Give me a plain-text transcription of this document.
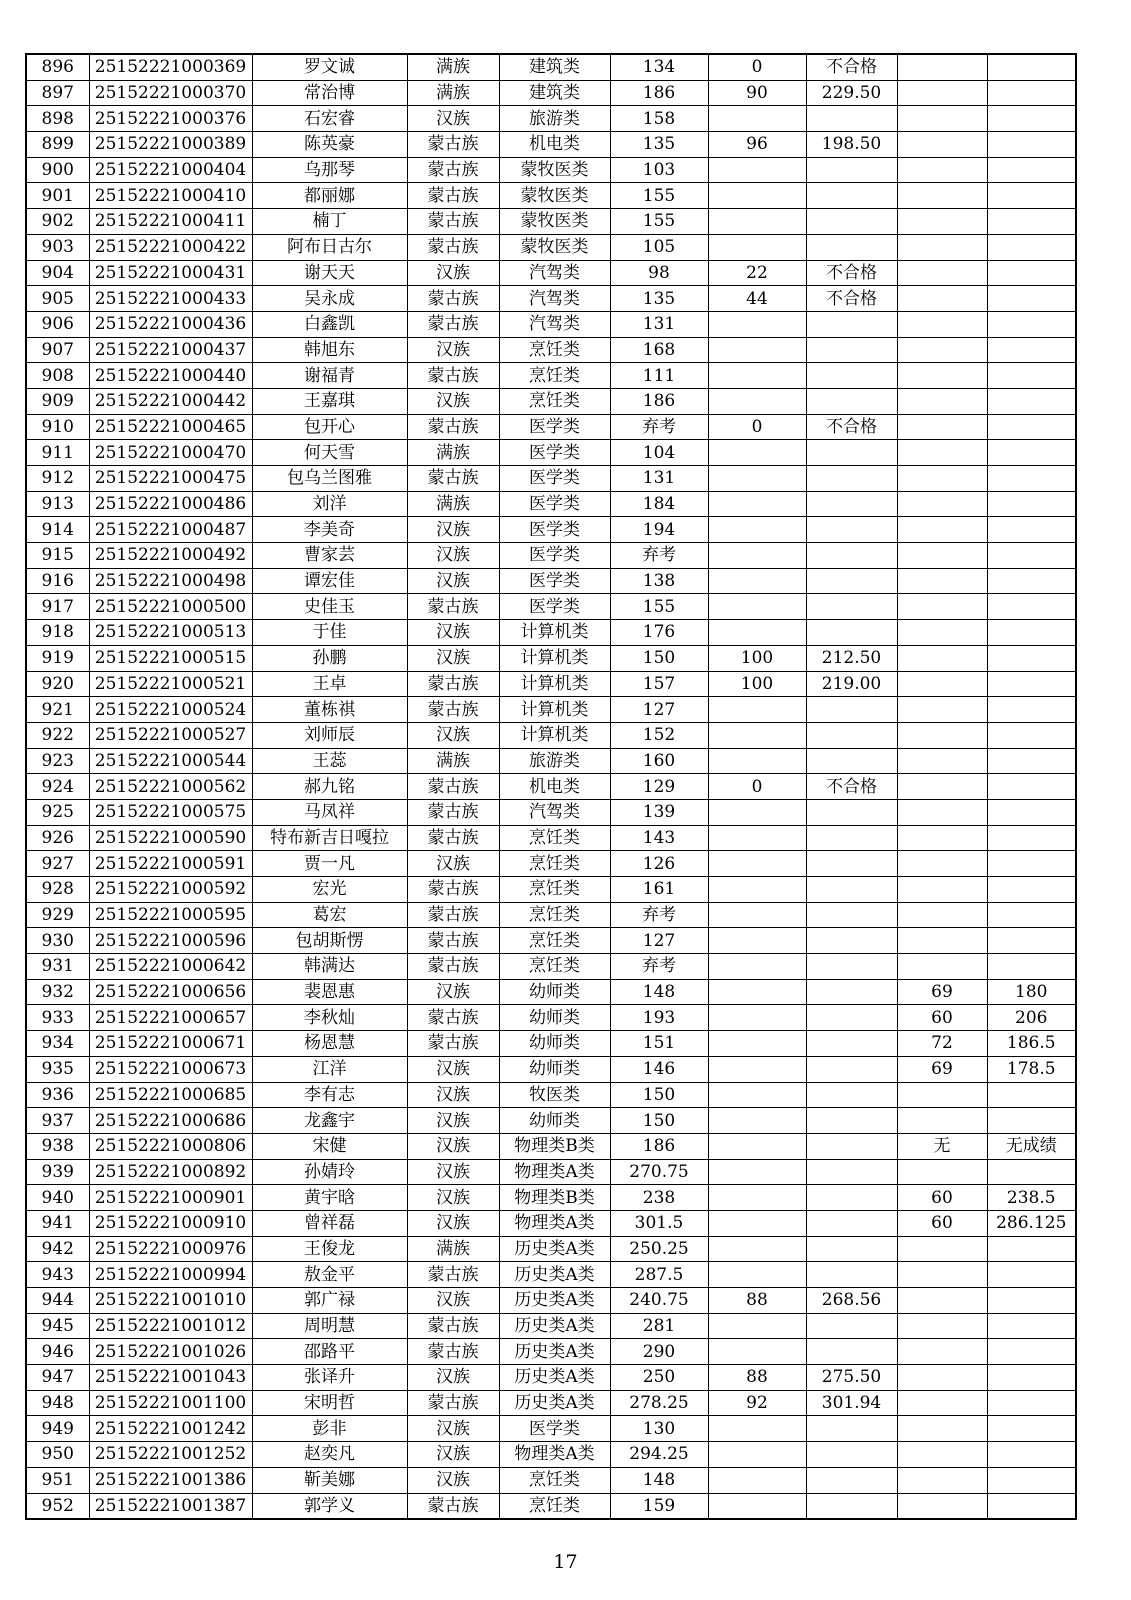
896	25152221000369	罗文诚	满族	建筑类	134	0	不合格		
897	25152221000370	常治博	满族	建筑类	186	90	229.50		
898	25152221000376	石宏睿	汉族	旅游类	158				
899	25152221000389	陈英豪	蒙古族	机电类	135	96	198.50		
900	25152221000404	乌那琴	蒙古族	蒙牧医类	103				
901	25152221000410	都丽娜	蒙古族	蒙牧医类	155				
902	25152221000411	楠丁	蒙古族	蒙牧医类	155				
903	25152221000422	阿布日古尔	蒙古族	蒙牧医类	105				
904	25152221000431	谢天天	汉族	汽驾类	98	22	不合格		
905	25152221000433	吴永成	蒙古族	汽驾类	135	44	不合格		
906	25152221000436	白鑫凯	蒙古族	汽驾类	131				
907	25152221000437	韩旭东	汉族	烹饪类	168				
908	25152221000440	谢福青	蒙古族	烹饪类	111				
909	25152221000442	王嘉琪	汉族	烹饪类	186				
910	25152221000465	包开心	蒙古族	医学类	弃考	0	不合格		
911	25152221000470	何天雪	满族	医学类	104				
912	25152221000475	包乌兰图雅	蒙古族	医学类	131				
913	25152221000486	刘洋	满族	医学类	184				
914	25152221000487	李美奇	汉族	医学类	194				
915	25152221000492	曹家芸	汉族	医学类	弃考				
916	25152221000498	谭宏佳	汉族	医学类	138				
917	25152221000500	史佳玉	蒙古族	医学类	155				
918	25152221000513	于佳	汉族	计算机类	176				
919	25152221000515	孙鹏	汉族	计算机类	150	100	212.50		
920	25152221000521	王卓	蒙古族	计算机类	157	100	219.00		
921	25152221000524	董栋祺	蒙古族	计算机类	127				
922	25152221000527	刘师辰	汉族	计算机类	152				
923	25152221000544	王蕊	满族	旅游类	160				
924	25152221000562	郝九铭	蒙古族	机电类	129	0	不合格		
925	25152221000575	马凤祥	蒙古族	汽驾类	139				
926	25152221000590	特布新吉日嘎拉	蒙古族	烹饪类	143				
927	25152221000591	贾一凡	汉族	烹饪类	126				
928	25152221000592	宏光	蒙古族	烹饪类	161				
929	25152221000595	葛宏	蒙古族	烹饪类	弃考				
930	25152221000596	包胡斯愣	蒙古族	烹饪类	127				
931	25152221000642	韩满达	蒙古族	烹饪类	弃考				
932	25152221000656	裴恩惠	汉族	幼师类	148			69	180
933	25152221000657	李秋灿	蒙古族	幼师类	193			60	206
934	25152221000671	杨恩慧	蒙古族	幼师类	151			72	186.5
935	25152221000673	江洋	汉族	幼师类	146			69	178.5
936	25152221000685	李有志	汉族	牧医类	150				
937	25152221000686	龙鑫宇	汉族	幼师类	150				
938	25152221000806	宋健	汉族	物理类B类	186			无	无成绩
939	25152221000892	孙婧玲	汉族	物理类A类	270.75				
940	25152221000901	黄宇晗	汉族	物理类B类	238			60	238.5
941	25152221000910	曾祥磊	汉族	物理类A类	301.5			60	286.125
942	25152221000976	王俊龙	满族	历史类A类	250.25				
943	25152221000994	敖金平	蒙古族	历史类A类	287.5				
944	25152221001010	郭广禄	汉族	历史类A类	240.75	88	268.56		
945	25152221001012	周明慧	蒙古族	历史类A类	281				
946	25152221001026	邵路平	蒙古族	历史类A类	290				
947	25152221001043	张译升	汉族	历史类A类	250	88	275.50		
948	25152221001100	宋明哲	蒙古族	历史类A类	278.25	92	301.94		
949	25152221001242	彭非	汉族	医学类	130				
950	25152221001252	赵奕凡	汉族	物理类A类	294.25				
951	25152221001386	靳美娜	汉族	烹饪类	148				
952	25152221001387	郭学义	蒙古族	烹饪类	159				
17
